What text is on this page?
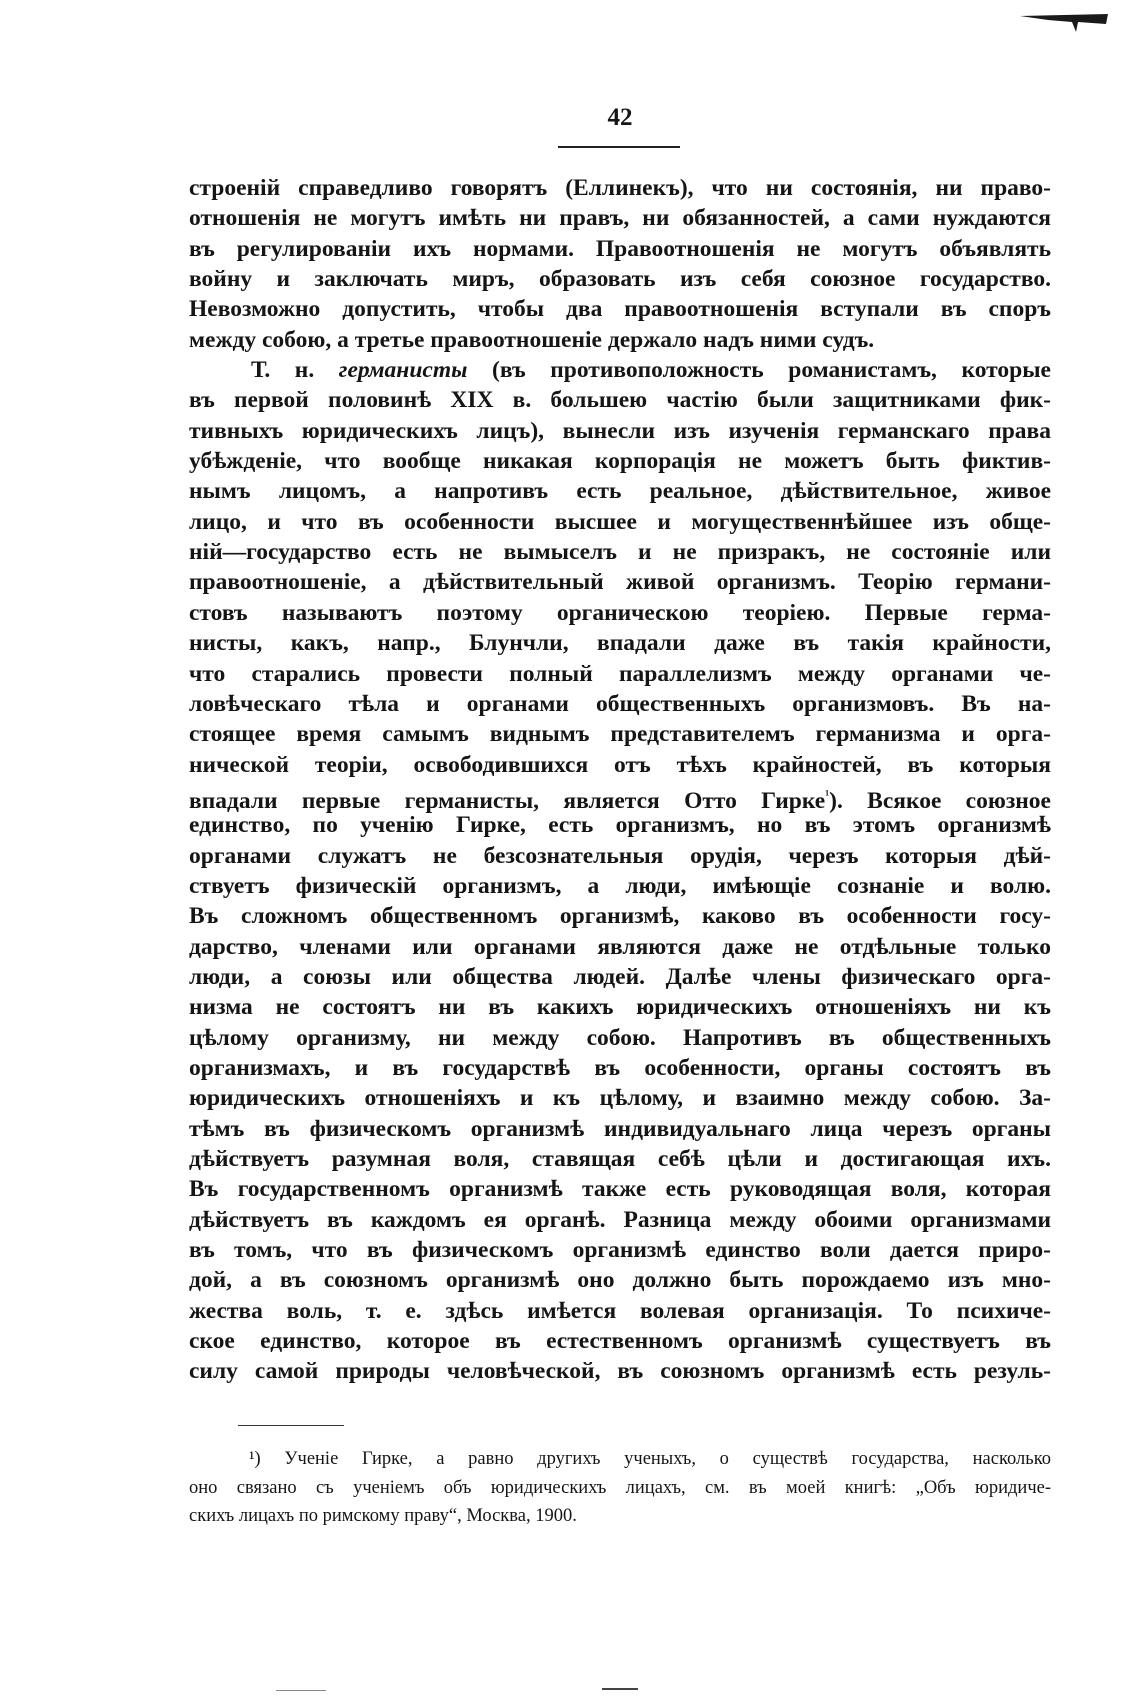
42
строеній справедливо говорятъ (Еллинекъ), что ни состоянія, ни право-
отношенія не могутъ имѣть ни правъ, ни обязанностей, а сами нуждаются
въ регулированіи ихъ нормами. Правоотношенія не могутъ объявлять
войну и заключать миръ, образовать изъ себя союзное государство.
Невозможно допустить, чтобы два правоотношенія вступали въ споръ
между собою, а третье правоотношеніе держало надъ ними судъ.
Т. н. германисты (въ противоположность романистамъ, которые
въ первой половинѣ XIX в. большею частію были защитниками фик-
тивныхъ юридическихъ лицъ), вынесли изъ изученія германскаго права
убѣжденіе, что вообще никакая корпорація не можетъ быть фиктив-
нымъ лицомъ, а напротивъ есть реальное, дѣйствительное, живое
лицо, и что въ особенности высшее и могущественнѣйшее изъ обще-
ній—государство есть не вымыселъ и не призракъ, не состояніе или
правоотношеніе, а дѣйствительный живой организмъ. Теорію германи-
стовъ называютъ поэтому органическою теоріею. Первые герма-
нисты, какъ, напр., Блунчли, впадали даже въ такія крайности,
что старались провести полный параллелизмъ между органами че-
ловѣческаго тѣла и органами общественныхъ организмовъ. Въ на-
стоящее время самымъ виднымъ представителемъ германизма и орга-
нической теоріи, освободившихся отъ тѣхъ крайностей, въ которыя
впадали первые германисты, является Отто Гирке$^{^1}$). Всякое союзное
единство, по ученію Гирке, есть организмъ, но въ этомъ организмѣ
органами служатъ не безсознательныя орудія, черезъ которыя дѣй-
ствуетъ физическій организмъ, а люди, имѣющіе сознаніе и волю.
Въ сложномъ общественномъ организмѣ, каково въ особенности госу-
дарство, членами или органами являются даже не отдѣльные только
люди, а союзы или общества людей. Далѣе члены физическаго орга-
низма не состоятъ ни въ какихъ юридическихъ отношеніяхъ ни къ
цѣлому организму, ни между собою. Напротивъ въ общественныхъ
организмахъ, и въ государствѣ въ особенности, органы состоятъ въ
юридическихъ отношеніяхъ и къ цѣлому, и взаимно между собою. За-
тѣмъ въ физическомъ организмѣ индивидуальнаго лица черезъ органы
дѣйствуетъ разумная воля, ставящая себѣ цѣли и достигающая ихъ.
Въ государственномъ организмѣ также есть руководящая воля, которая
дѣйствуетъ въ каждомъ ея органѣ. Разница между обоими организмами
въ томъ, что въ физическомъ организмѣ единство воли дается приро-
дой, а въ союзномъ организмѣ оно должно быть порождаемо изъ мно-
жества воль, т. е. здѣсь имѣется волевая организація. То психиче-
ское единство, которое въ естественномъ организмѣ существуетъ въ
силу самой природы человѣческой, въ союзномъ организмѣ есть резуль-
¹) Ученіе Гирке, а равно другихъ ученыхъ, о существѣ государства, насколько
оно связано съ ученіемъ объ юридическихъ лицахъ, см. въ моей книгѣ: „Объ юридиче-
скихъ лицахъ по римскому праву“, Москва, 1900.
